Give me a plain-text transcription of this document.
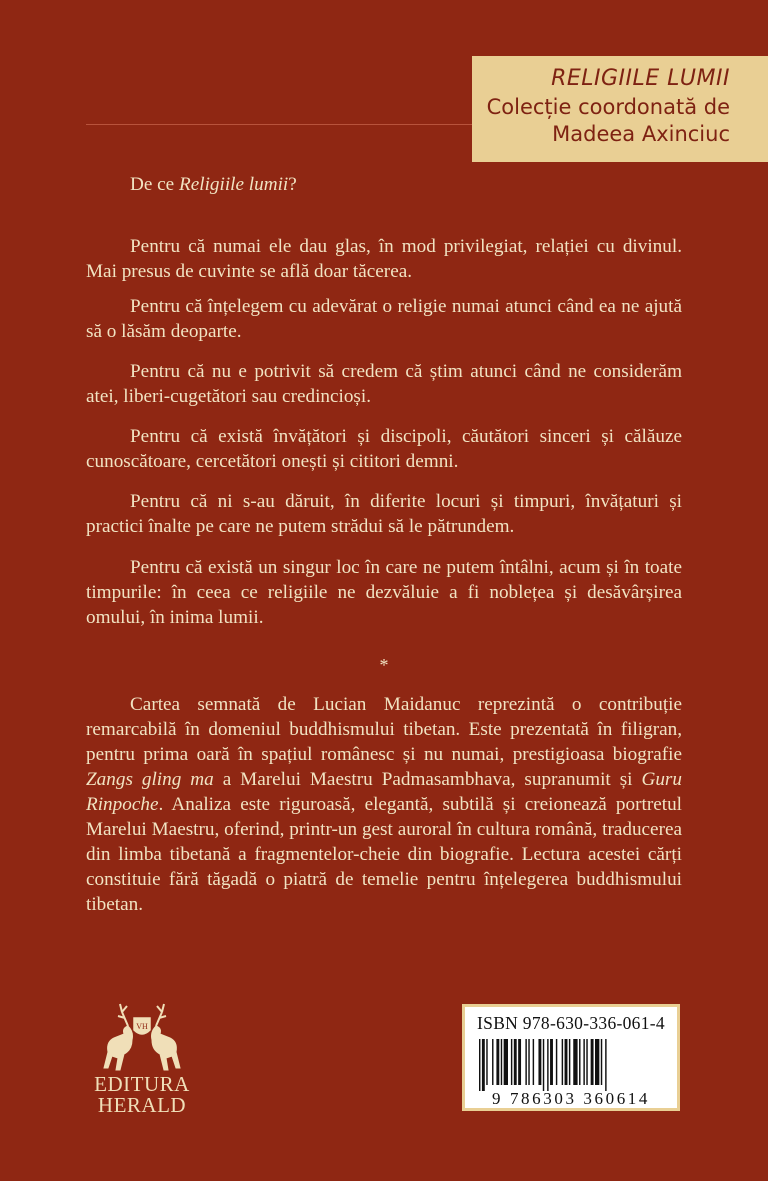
RELIGIILE LUMII
Colecție coordonată de
Madeea Axinciuc

De ce Religiile lumii?

Pentru că numai ele dau glas, în mod privilegiat, relației cu divinul. Mai presus de cuvinte se află doar tăcerea.

Pentru că înțelegem cu adevărat o religie numai atunci când ea ne ajută să o lăsăm deoparte.

Pentru că nu e potrivit să credem că știm atunci când ne considerăm atei, liberi-cugetători sau credincioși.

Pentru că există învățători și discipoli, căutători sinceri și călăuze cunoscătoare, cercetători onești și cititori demni.

Pentru că ni s-au dăruit, în diferite locuri și timpuri, învățaturi și practici înalte pe care ne putem strădui să le pătrundem.

Pentru că există un singur loc în care ne putem întâlni, acum și în toate timpurile: în ceea ce religiile ne dezvăluie a fi noblețea și desăvârșirea omului, în inima lumii.

*

Cartea semnată de Lucian Maidanuc reprezintă o contribuție remarcabilă în domeniul buddhismului tibetan. Este prezentată în filigran, pentru prima oară în spațiul românesc și nu numai, prestigioasa biografie Zangs gling ma a Marelui Maestru Padmasambhava, supranumit și Guru Rinpoche. Analiza este riguroasă, elegantă, subtilă și creionează portretul Marelui Maestru, oferind, printr-un gest auroral în cultura română, traducerea din limba tibetană a fragmentelor-cheie din biografie. Lectura acestei cărți constituie fără tăgadă o piatră de temelie pentru înțelegerea buddhismului tibetan.

VH
EDITURA
HERALD
ISBN 978-630-336-061-4
9 786303 360614
